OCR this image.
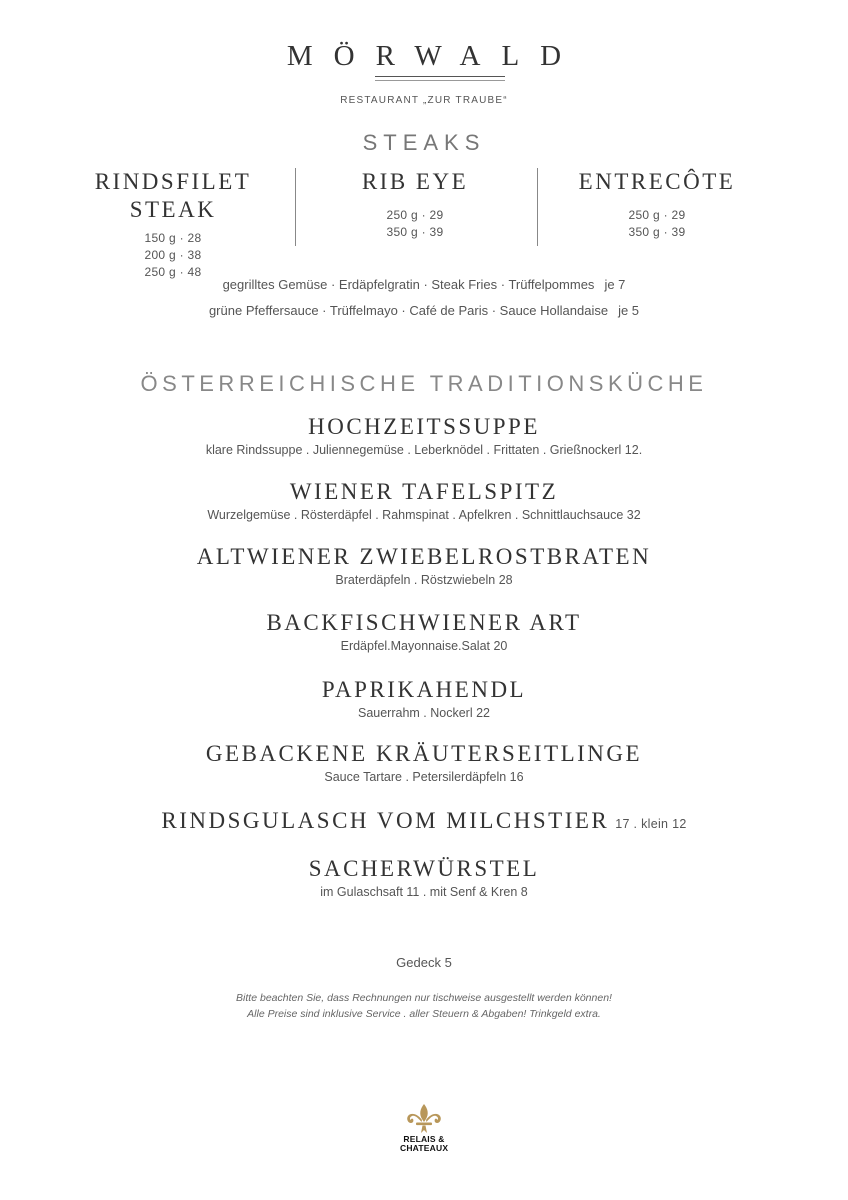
MÖRWALD
RESTAURANT „ZUR TRAUBE“
STEAKS
RINDSFILET STEAK
150 g · 28
200 g · 38
250 g · 48
RIB EYE
250 g · 29
350 g · 39
ENTRECÔTE
250 g · 29
350 g · 39
gegrilltes Gemüse · Erdäpfelgratin · Steak Fries · Trüffelpommes je 7
grüne Pfeffersauce · Trüffelmayo · Café de Paris · Sauce Hollandaise je 5
ÖSTERREICHISCHE TRADITIONSKÜCHE
HOCHZEITSSUPPE
klare Rindssuppe . Juliennegemüse . Leberknödel . Frittaten . Grießnockerl 12.
WIENER TAFELSPITZ
Wurzelgemüse . Rösterdäpfel . Rahmspinat . Apfelkren . Schnittlauchsauce 32
ALTWIENER ZWIEBELROSTBRATEN
Braterdäpfeln . Röstzwiebeln 28
BACKFISCHWIENER ART
Erdäpfel.Mayonnaise.Salat 20
PAPRIKAHENDL
Sauerrahm . Nockerl 22
GEBACKENE KRÄUTERSEITLINGE
Sauce Tartare . Petersilerdäpfeln 16
RINDSGULASCH VOM MILCHSTIER 17 . klein 12
SACHERWÜRSTEL
im Gulaschsaft 11 . mit Senf & Kren 8
Gedeck 5
Bitte beachten Sie, dass Rechnungen nur tischweise ausgestellt werden können!
Alle Preise sind inklusive Service . aller Steuern & Abgaben! Trinkgeld extra.
RELAIS &
CHATEAUX
